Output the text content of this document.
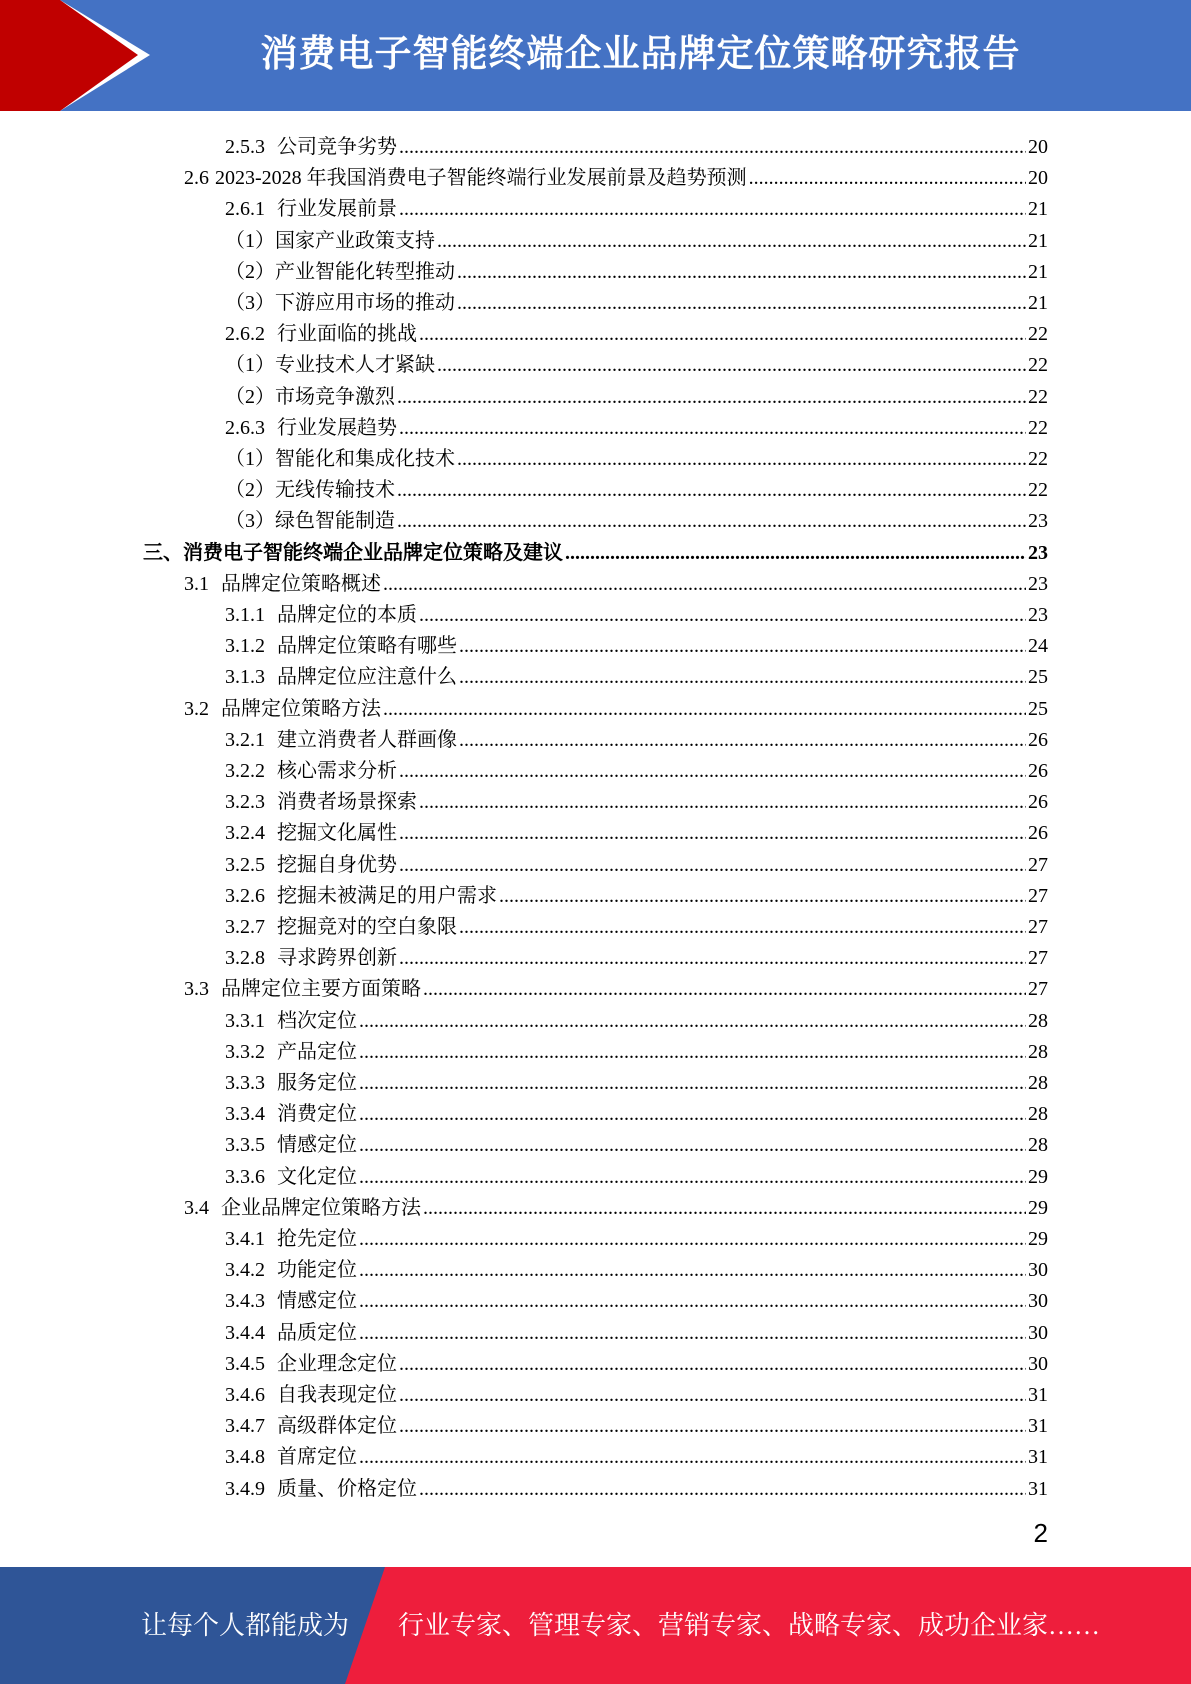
消费电子智能终端企业品牌定位策略研究报告
2.5.3 公司竞争劣势 .....	20
2.6 2023-2028 年我国消费电子智能终端行业发展前景及趋势预测 .....	20
2.6.1 行业发展前景 .....	21
（1）国家产业政策支持 .....	21
（2）产业智能化转型推动 .....	21
（3）下游应用市场的推动 .....	21
2.6.2 行业面临的挑战 .....	22
（1）专业技术人才紧缺 .....	22
（2）市场竞争激烈 .....	22
2.6.3 行业发展趋势 .....	22
（1）智能化和集成化技术 .....	22
（2）无线传输技术 .....	22
（3）绿色智能制造 .....	23
三、消费电子智能终端企业品牌定位策略及建议 .....	23
3.1 品牌定位策略概述 .....	23
3.1.1 品牌定位的本质 .....	23
3.1.2 品牌定位策略有哪些 .....	24
3.1.3 品牌定位应注意什么 .....	25
3.2 品牌定位策略方法 .....	25
3.2.1 建立消费者人群画像 .....	26
3.2.2 核心需求分析 .....	26
3.2.3 消费者场景探索 .....	26
3.2.4 挖掘文化属性 .....	26
3.2.5 挖掘自身优势 .....	27
3.2.6 挖掘未被满足的用户需求 .....	27
3.2.7 挖掘竞对的空白象限 .....	27
3.2.8 寻求跨界创新 .....	27
3.3 品牌定位主要方面策略 .....	27
3.3.1 档次定位 .....	28
3.3.2 产品定位 .....	28
3.3.3 服务定位 .....	28
3.3.4 消费定位 .....	28
3.3.5 情感定位 .....	28
3.3.6 文化定位 .....	29
3.4 企业品牌定位策略方法 .....	29
3.4.1 抢先定位 .....	29
3.4.2 功能定位 .....	30
3.4.3 情感定位 .....	30
3.4.4 品质定位 .....	30
3.4.5 企业理念定位 .....	30
3.4.6 自我表现定位 .....	31
3.4.7 高级群体定位 .....	31
3.4.8 首席定位 .....	31
3.4.9 质量、价格定位 .....	31
2
让每个人都能成为 行业专家、管理专家、营销专家、战略专家、成功企业家……
